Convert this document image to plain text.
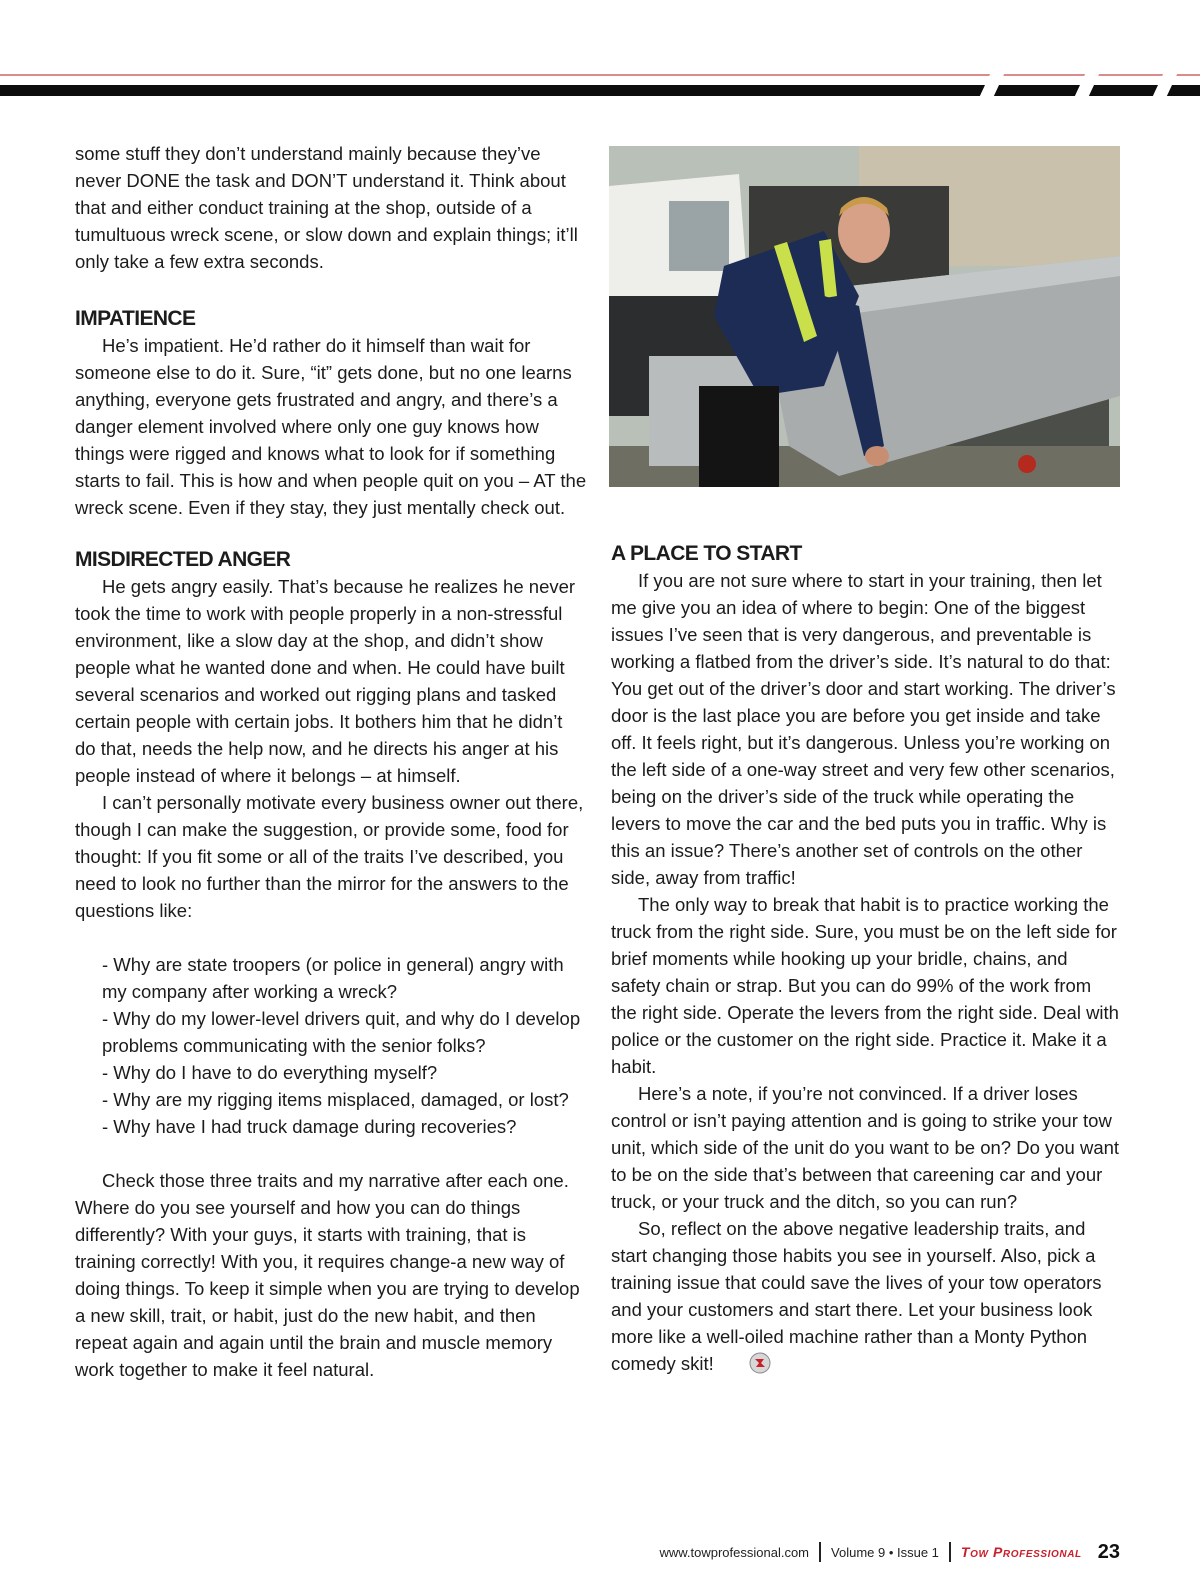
some stuff they don’t understand mainly because they’ve never DONE the task and DON’T understand it. Think about that and either conduct training at the shop, outside of a tumultuous wreck scene, or slow down and explain things; it’ll only take a few extra seconds.

IMPATIENCE

He’s impatient. He’d rather do it himself than wait for someone else to do it. Sure, “it” gets done, but no one learns anything, everyone gets frustrated and angry, and there’s a danger element involved where only one guy knows how things were rigged and knows what to look for if something starts to fail. This is how and when people quit on you – AT the wreck scene. Even if they stay, they just mentally check out.

MISDIRECTED ANGER

He gets angry easily. That’s because he realizes he never took the time to work with people properly in a non-stressful environment, like a slow day at the shop, and didn’t show people what he wanted done and when. He could have built several scenarios and worked out rigging plans and tasked certain people with certain jobs. It bothers him that he didn’t do that, needs the help now, and he directs his anger at his people instead of where it belongs – at himself.

I can’t personally motivate every business owner out there, though I can make the suggestion, or provide some, food for thought: If you fit some or all of the traits I’ve described, you need to look no further than the mirror for the answers to the questions like:

- Why are state troopers (or police in general) angry with my company after working a wreck?
- Why do my lower-level drivers quit, and why do I develop problems communicating with the senior folks?
- Why do I have to do everything myself?
- Why are my rigging items misplaced, damaged, or lost?
- Why have I had truck damage during recoveries?

Check those three traits and my narrative after each one. Where do you see yourself and how you can do things differently? With your guys, it starts with training, that is training correctly! With you, it requires change-a new way of doing things. To keep it simple when you are trying to develop a new skill, trait, or habit, just do the new habit, and then repeat again and again until the brain and muscle memory work together to make it feel natural.

A PLACE TO START

If you are not sure where to start in your training, then let me give you an idea of where to begin: One of the biggest issues I’ve seen that is very dangerous, and preventable is working a flatbed from the driver’s side. It’s natural to do that: You get out of the driver’s door and start working. The driver’s door is the last place you are before you get inside and take off. It feels right, but it’s dangerous. Unless you’re working on the left side of a one-way street and very few other scenarios, being on the driver’s side of the truck while operating the levers to move the car and the bed puts you in traffic. Why is this an issue? There’s another set of controls on the other side, away from traffic!

The only way to break that habit is to practice working the truck from the right side. Sure, you must be on the left side for brief moments while hooking up your bridle, chains, and safety chain or strap. But you can do 99% of the work from the right side. Operate the levers from the right side. Deal with police or the customer on the right side. Practice it. Make it a habit.

Here’s a note, if you’re not convinced. If a driver loses control or isn’t paying attention and is going to strike your tow unit, which side of the unit do you want to be on? Do you want to be on the side that’s between that careening car and your truck, or your truck and the ditch, so you can run?

So, reflect on the above negative leadership traits, and start changing those habits you see in yourself. Also, pick a training issue that could save the lives of your tow operators and your customers and start there. Let your business look more like a well-oiled machine rather than a Monty Python comedy skit!

www.towprofessional.com Volume 9 • Issue 1 Tow Professional 23
